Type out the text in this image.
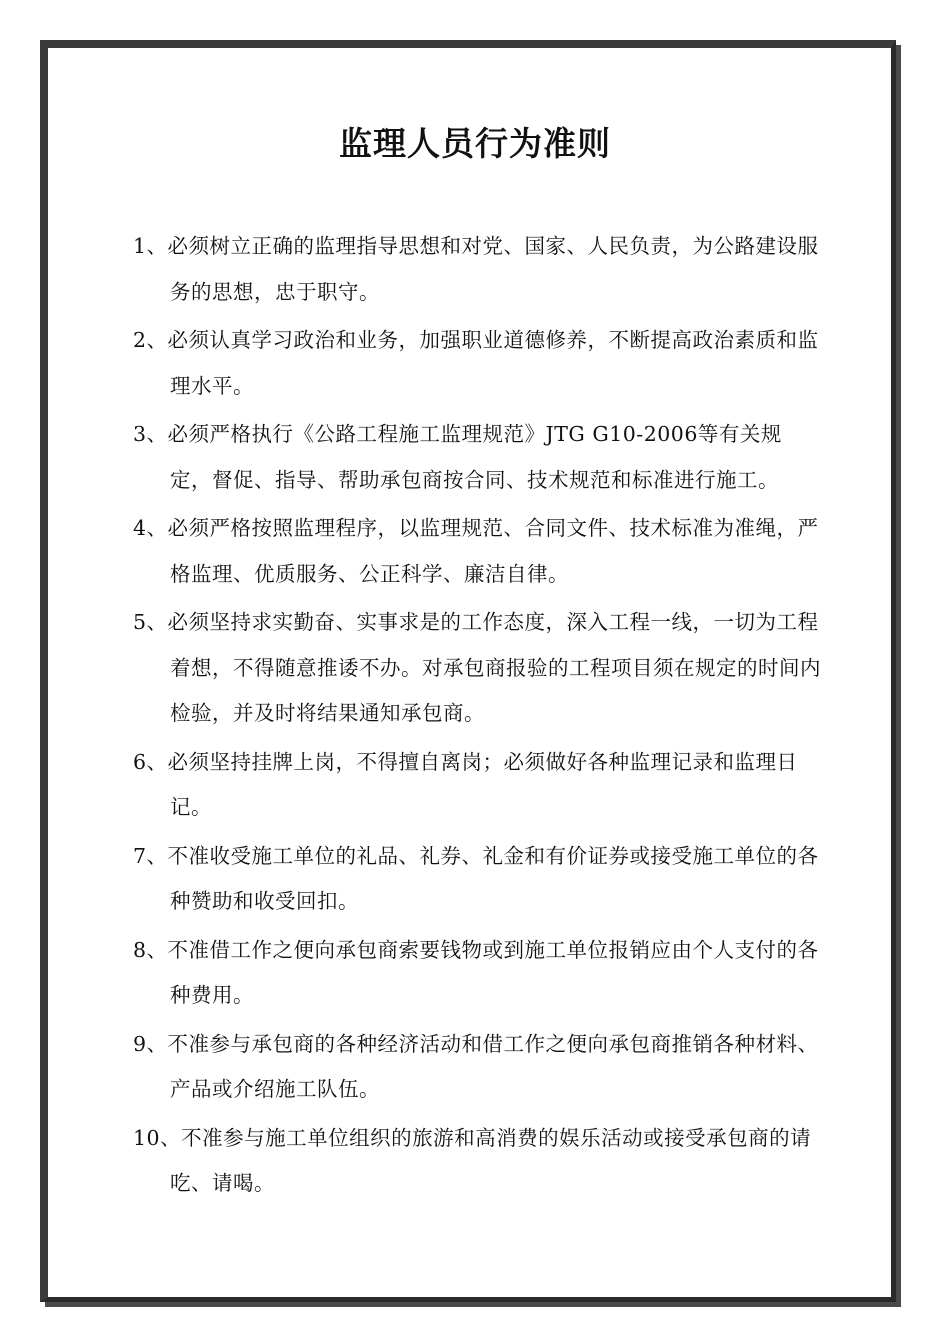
监理人员行为准则
1、必须树立正确的监理指导思想和对党、国家、人民负责，为公路建设服务的思想，忠于职守。
2、必须认真学习政治和业务，加强职业道德修养，不断提高政治素质和监理水平。
3、必须严格执行《公路工程施工监理规范》JTG G10-2006等有关规定，督促、指导、帮助承包商按合同、技术规范和标准进行施工。
4、必须严格按照监理程序，以监理规范、合同文件、技术标准为准绳，严格监理、优质服务、公正科学、廉洁自律。
5、必须坚持求实勤奋、实事求是的工作态度，深入工程一线，一切为工程着想，不得随意推诿不办。对承包商报验的工程项目须在规定的时间内检验，并及时将结果通知承包商。
6、必须坚持挂牌上岗，不得擅自离岗；必须做好各种监理记录和监理日记。
7、不准收受施工单位的礼品、礼券、礼金和有价证券或接受施工单位的各种赞助和收受回扣。
8、不准借工作之便向承包商索要钱物或到施工单位报销应由个人支付的各种费用。
9、不准参与承包商的各种经济活动和借工作之便向承包商推销各种材料、产品或介绍施工队伍。
10、不准参与施工单位组织的旅游和高消费的娱乐活动或接受承包商的请吃、请喝。
